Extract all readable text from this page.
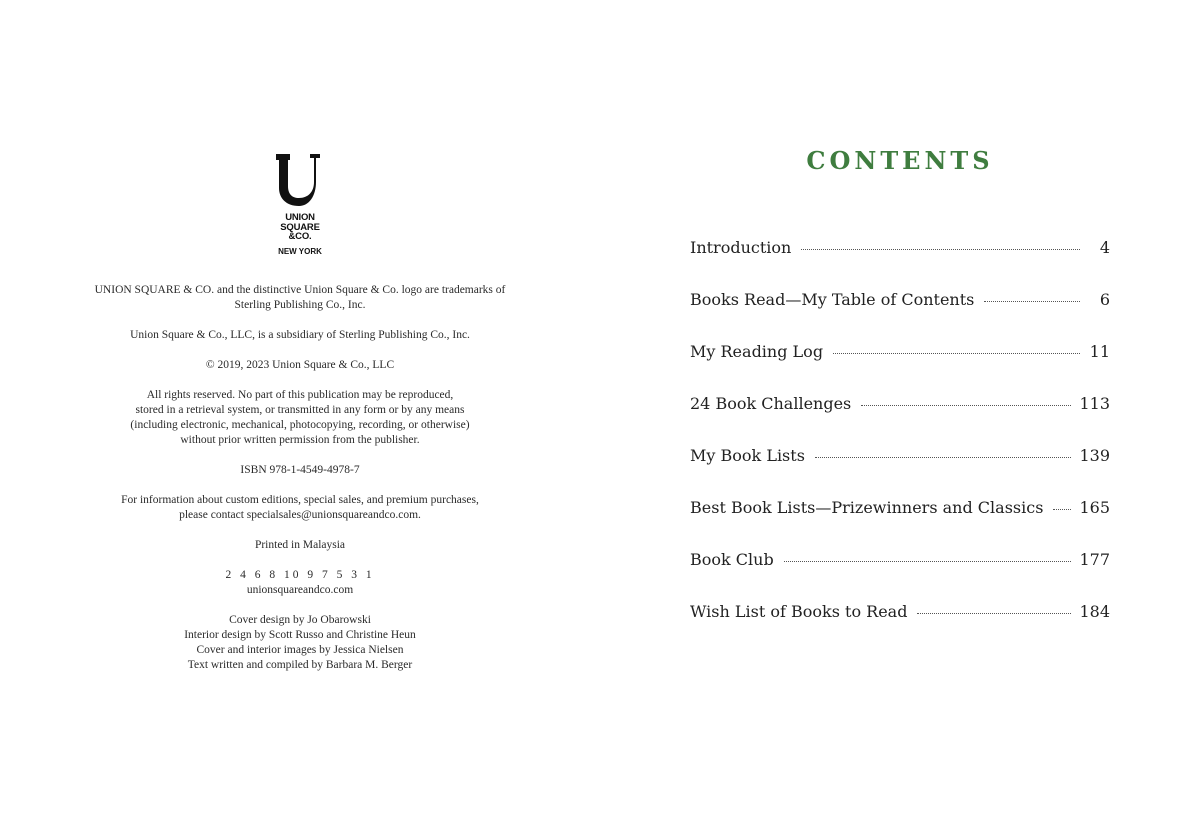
UNION
SQUARE
&CO.
NEW YORK
UNION SQUARE & CO. and the distinctive Union Square & Co. logo are trademarks of
Sterling Publishing Co., Inc.
Union Square & Co., LLC, is a subsidiary of Sterling Publishing Co., Inc.
© 2019, 2023 Union Square & Co., LLC
All rights reserved. No part of this publication may be reproduced,
stored in a retrieval system, or transmitted in any form or by any means
(including electronic, mechanical, photocopying, recording, or otherwise)
without prior written permission from the publisher.
ISBN 978-1-4549-4978-7
For information about custom editions, special sales, and premium purchases,
please contact specialsales@unionsquareandco.com.
Printed in Malaysia
2 4 6 8 10 9 7 5 3 1
unionsquareandco.com
Cover design by Jo Obarowski
Interior design by Scott Russo and Christine Heun
Cover and interior images by Jessica Nielsen
Text written and compiled by Barbara M. Berger
CONTENTS
Introduction	4
Books Read—My Table of Contents	6
My Reading Log	11
24 Book Challenges	113
My Book Lists	139
Best Book Lists—Prizewinners and Classics	165
Book Club	177
Wish List of Books to Read	184
